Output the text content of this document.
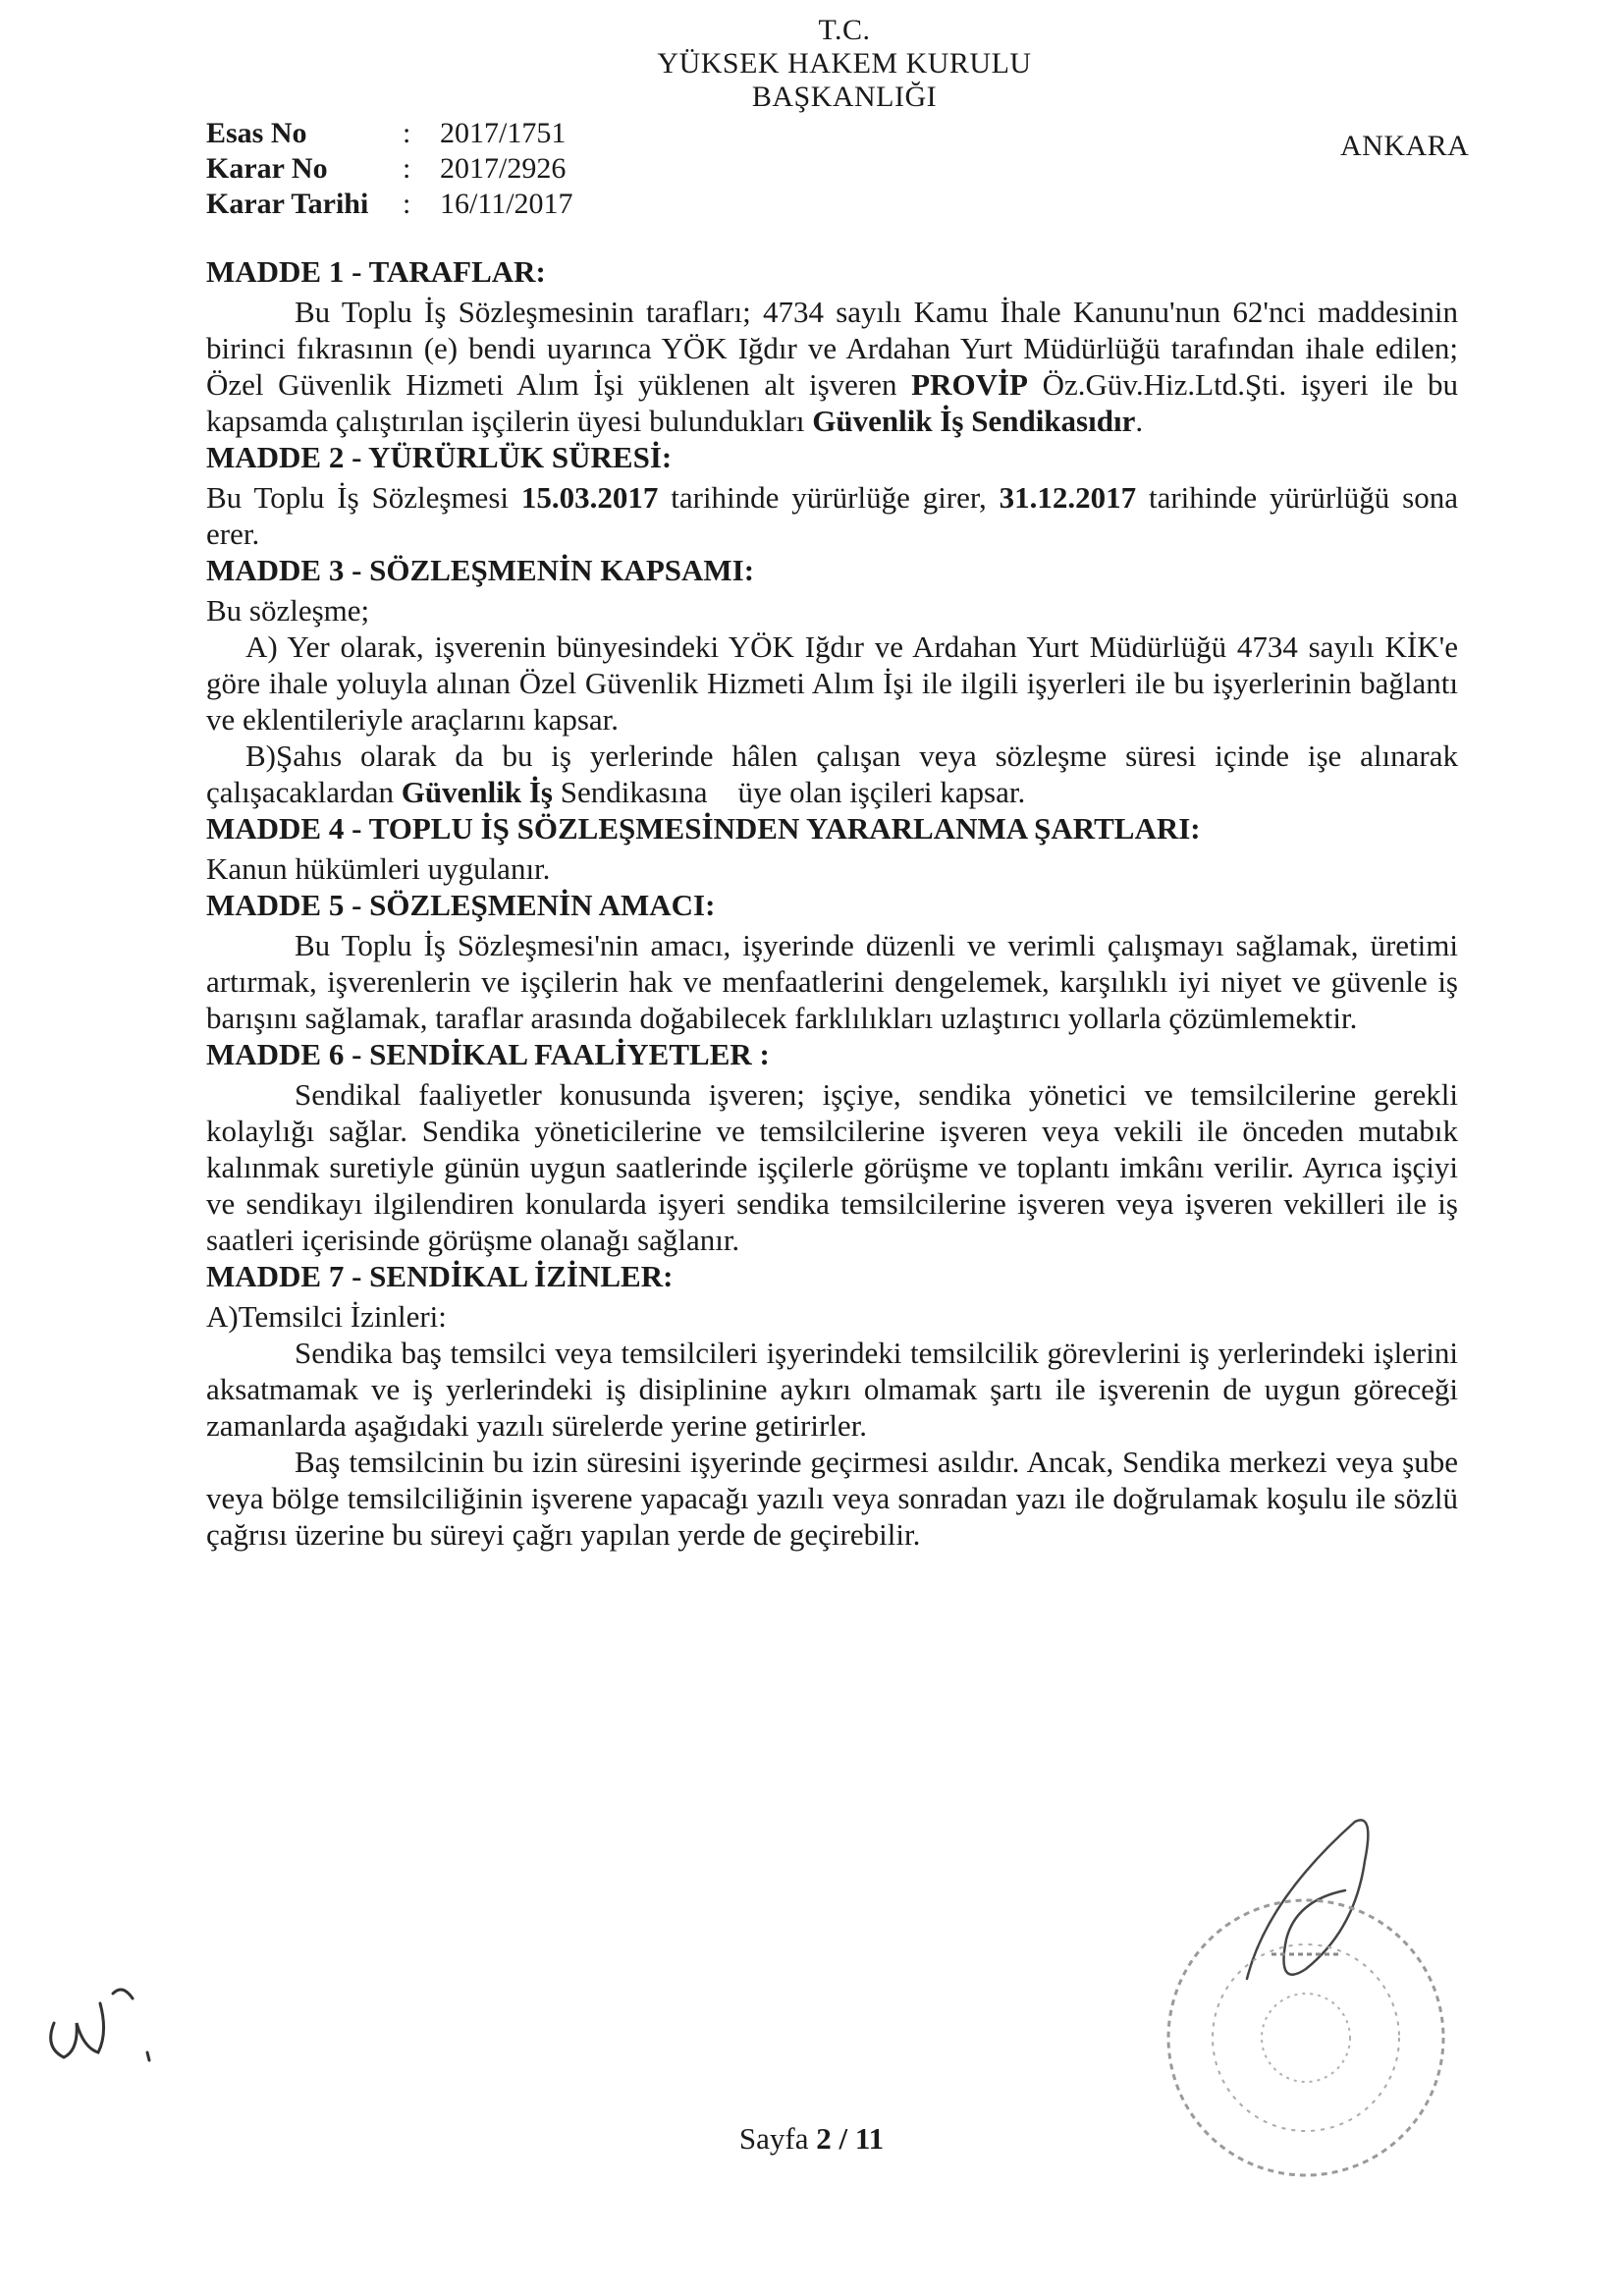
T.C.
YÜKSEK HAKEM KURULU
BAŞKANLIĞI
ANKARA
Esas No	: 2017/1751
Karar No	: 2017/2926
Karar Tarihi	: 16/11/2017
MADDE 1 - TARAFLAR:

Bu Toplu İş Sözleşmesinin tarafları; 4734 sayılı Kamu İhale Kanunu'nun 62'nci maddesinin birinci fıkrasının (e) bendi uyarınca YÖK Iğdır ve Ardahan Yurt Müdürlüğü tarafından ihale edilen; Özel Güvenlik Hizmeti Alım İşi yüklenen alt işveren PROVİP Öz.Güv.Hiz.Ltd.Şti. işyeri ile bu kapsamda çalıştırılan işçilerin üyesi bulundukları Güvenlik İş Sendikasıdır.

MADDE 2 - YÜRÜRLÜK SÜRESİ:

Bu Toplu İş Sözleşmesi 15.03.2017 tarihinde yürürlüğe girer, 31.12.2017 tarihinde yürürlüğü sona erer.

MADDE 3 - SÖZLEŞMENİN KAPSAMI:

Bu sözleşme;

A) Yer olarak, işverenin bünyesindeki YÖK Iğdır ve Ardahan Yurt Müdürlüğü 4734 sayılı KİK'e göre ihale yoluyla alınan Özel Güvenlik Hizmeti Alım İşi ile ilgili işyerleri ile bu işyerlerinin bağlantı ve eklentileriyle araçlarını kapsar.

B)Şahıs olarak da bu iş yerlerinde hâlen çalışan veya sözleşme süresi içinde işe alınarak çalışacaklardan Güvenlik İş Sendikasına    üye olan işçileri kapsar.

MADDE 4 - TOPLU İŞ SÖZLEŞMESİNDEN YARARLANMA ŞARTLARI:

Kanun hükümleri uygulanır.

MADDE 5 - SÖZLEŞMENİN AMACI:

Bu Toplu İş Sözleşmesi'nin amacı, işyerinde düzenli ve verimli çalışmayı sağlamak, üretimi artırmak, işverenlerin ve işçilerin hak ve menfaatlerini dengelemek, karşılıklı iyi niyet ve güvenle iş barışını sağlamak, taraflar arasında doğabilecek farklılıkları uzlaştırıcı yollarla çözümlemektir.

MADDE 6 - SENDİKAL FAALİYETLER :

Sendikal faaliyetler konusunda işveren; işçiye, sendika yönetici ve temsilcilerine gerekli kolaylığı sağlar. Sendika yöneticilerine ve temsilcilerine işveren veya vekili ile önceden mutabık kalınmak suretiyle günün uygun saatlerinde işçilerle görüşme ve toplantı imkânı verilir. Ayrıca işçiyi ve sendikayı ilgilendiren konularda işyeri sendika temsilcilerine işveren veya işveren vekilleri ile iş saatleri içerisinde görüşme olanağı sağlanır.

MADDE 7 - SENDİKAL İZİNLER:

A)Temsilci İzinleri:

Sendika baş temsilci veya temsilcileri işyerindeki temsilcilik görevlerini iş yerlerindeki işlerini aksatmamak ve iş yerlerindeki iş disiplinine aykırı olmamak şartı ile işverenin de uygun göreceği zamanlarda aşağıdaki yazılı sürelerde yerine getirirler.

Baş temsilcinin bu izin süresini işyerinde geçirmesi asıldır. Ancak, Sendika merkezi veya şube veya bölge temsilciliğinin işverene yapacağı yazılı veya sonradan yazı ile doğrulamak koşulu ile sözlü çağrısı üzerine bu süreyi çağrı yapılan yerde de geçirebilir.

Sayfa 2 / 11
